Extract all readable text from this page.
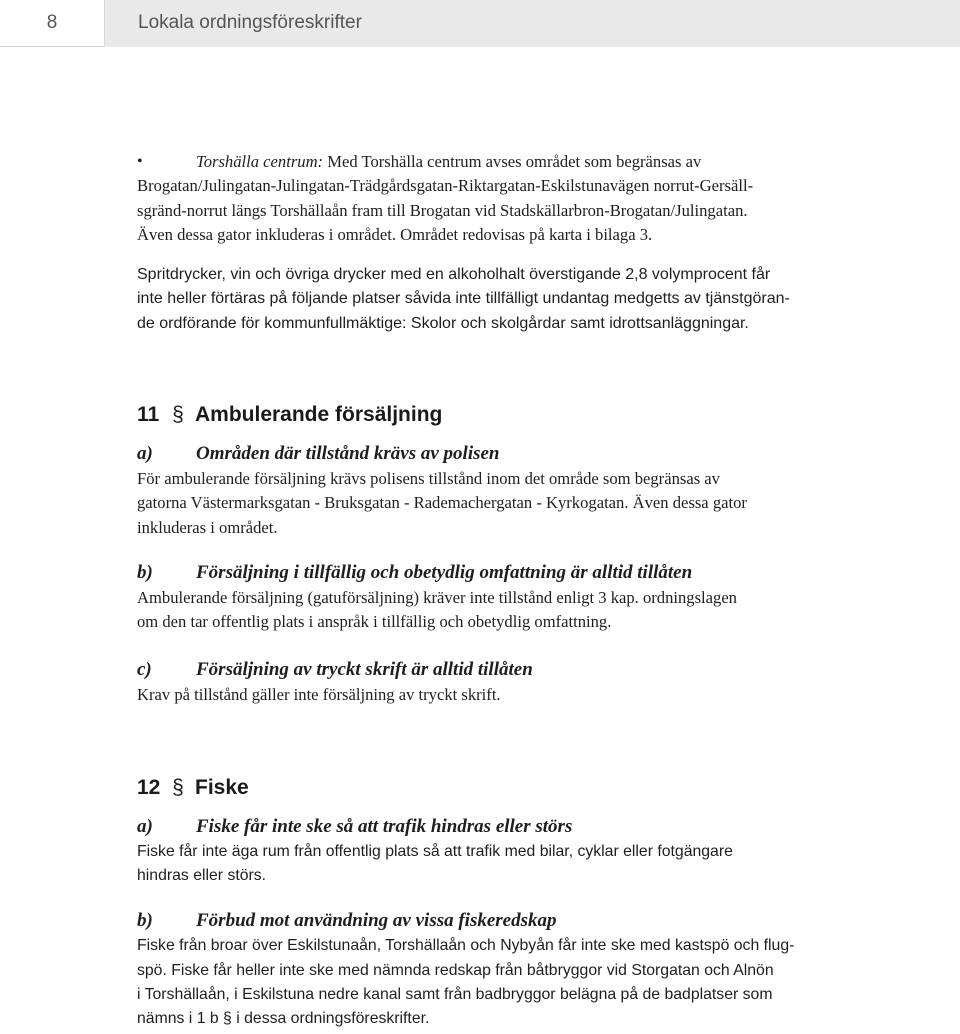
8	Lokala ordningsföreskrifter
•	Torshälla centrum: Med Torshälla centrum avses området som begränsas av

Brogatan/Julingatan-Julingatan-Trädgårdsgatan-Riktargatan-Eskilstunavägen norrut-Gersäll-

sgränd-norrut längs Torshällaån fram till Brogatan vid Stadskällarbron-Brogatan/Julingatan.

Även dessa gator inkluderas i området. Området redovisas på karta i bilaga 3.

Spritdrycker, vin och övriga drycker med en alkoholhalt överstigande 2,8 volymprocent får

inte heller förtäras på följande platser såvida inte tillfälligt undantag medgetts av tjänstgöran-

de ordförande för kommunfullmäktige: Skolor och skolgårdar samt idrottsanläggningar.

11 § Ambulerande försäljning
a)	Områden där tillstånd krävs av polisen

För ambulerande försäljning krävs polisens tillstånd inom det område som begränsas av

gatorna Västermarksgatan - Bruksgatan - Rademachergatan - Kyrkogatan. Även dessa gator

inkluderas i området.

b)	Försäljning i tillfällig och obetydlig omfattning är alltid tillåten

Ambulerande försäljning (gatuförsäljning) kräver inte tillstånd enligt 3 kap. ordningslagen

om den tar offentlig plats i anspråk i tillfällig och obetydlig omfattning.

c)	Försäljning av tryckt skrift är alltid tillåten

Krav på tillstånd gäller inte försäljning av tryckt skrift.

12 § Fiske
a)	Fiske får inte ske så att trafik hindras eller störs

Fiske får inte äga rum från offentlig plats så att trafik med bilar, cyklar eller fotgängare

hindras eller störs.

b)	Förbud mot användning av vissa fiskeredskap

Fiske från broar över Eskilstunaån, Torshällaån och Nybyån får inte ske med kastspö och flug-

spö. Fiske får heller inte ske med nämnda redskap från båtbryggor vid Storgatan och Alnön

i Torshällaån, i Eskilstuna nedre kanal samt från badbryggor belägna på de badplatser som

nämns i 1 b § i dessa ordningsföreskrifter.
